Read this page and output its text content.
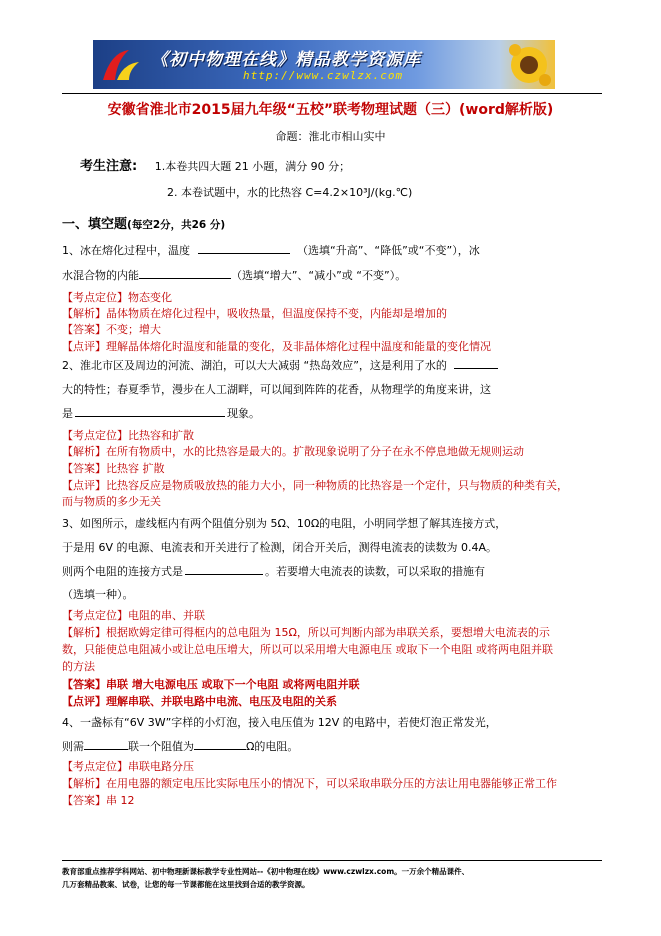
《初中物理在线》精品教学资源库
http://www.czwlzx.com
安徽省淮北市2015届九年级“五校”联考物理试题（三）(word解析版)
命题：淮北市相山实中
考生注意: 1.本卷共四大题 21 小题，满分 90 分；
2. 本卷试题中，水的比热容 C=4.2×10³J/(kg.℃)
一、填空题(每空2分，共26 分)
1、冰在熔化过程中，温度	（选填“升高”、“降低”或“不变”），冰
水混合物的内能	（选填“增大”、“减小”或 “不变”）。
【考点定位】物态变化
【解析】晶体物质在熔化过程中，吸收热量，但温度保持不变，内能却是增加的
【答案】不变；增大
【点评】理解晶体熔化时温度和能量的变化，及非晶体熔化过程中温度和能量的变化情况
2、淮北市区及周边的河流、湖泊，可以大大减弱 “热岛效应”，这是利用了水的
大的特性；春夏季节，漫步在人工湖畔，可以闻到阵阵的花香，从物理学的角度来讲，这
是	现象。
【考点定位】比热容和扩散
【解析】在所有物质中，水的比热容是最大的。扩散现象说明了分子在永不停息地做无规则运动
【答案】比热容 扩散
【点评】比热容反应是物质吸放热的能力大小，同一种物质的比热容是一个定什，只与物质的种类有关，
而与物质的多少无关
3、如图所示，虚线框内有两个阻值分别为 5Ω、10Ω的电阻，小明同学想了解其连接方式，
于是用 6V 的电源、电流表和开关进行了检测，闭合开关后，测得电流表的读数为 0.4A。
则两个电阻的连接方式是	。若要增大电流表的读数，可以采取的措施有
（选填一种）。
【考点定位】电阻的串、并联
【解析】根据欧姆定律可得框内的总电阻为 15Ω，所以可判断内部为串联关系，要想增大电流表的示
数，只能使总电阻减小或让总电压增大，所以可以采用增大电源电压 或取下一个电阻 或将两电阻并联
的方法
【答案】串联 增大电源电压 或取下一个电阻 或将两电阻并联
【点评】理解串联、并联电路中电流、电压及电阻的关系
4、一盏标有“6V 3W”字样的小灯泡，接入电压值为 12V 的电路中，若使灯泡正常发光，
则需	联一个阻值为	Ω的电阻。
【考点定位】串联电路分压
【解析】在用电器的额定电压比实际电压小的情况下，可以采取串联分压的方法让用电器能够正常工作
【答案】串 12
教育部重点推荐学科网站、初中物理新课标教学专业性网站--《初中物理在线》www.czwlzx.com。一万余个精品课件、
几万套精品教案、试卷，让您的每一节课都能在这里找到合适的教学资源。
